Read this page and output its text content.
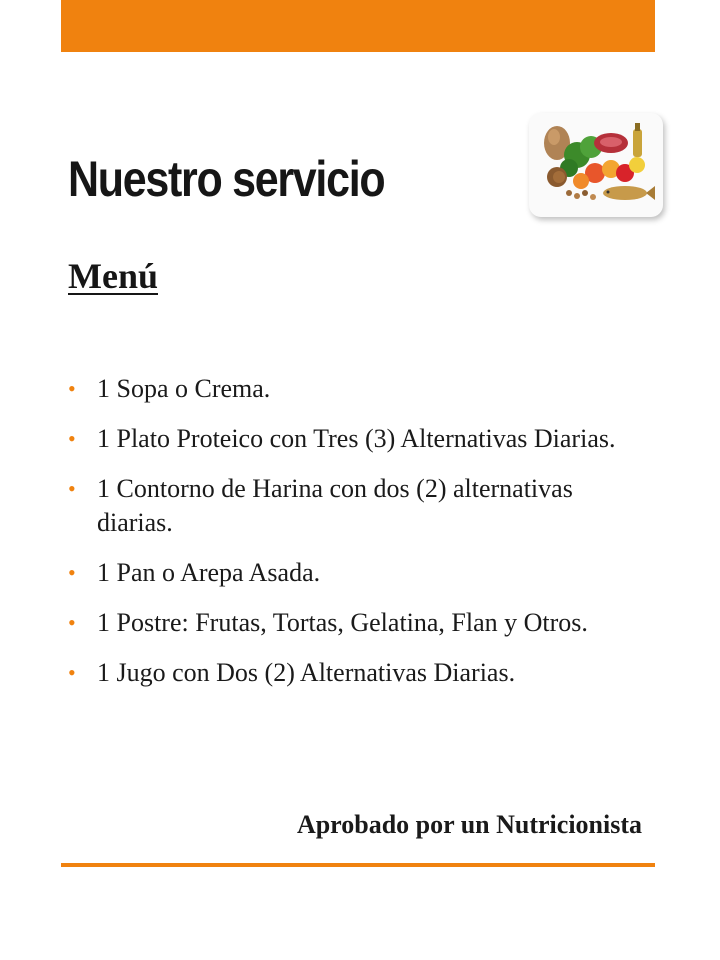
Nuestro servicio
Menú
• 1 Sopa o Crema.
• 1 Plato Proteico con Tres (3) Alternativas Diarias.
• 1 Contorno de Harina con dos (2) alternativas diarias.
• 1 Pan o Arepa Asada.
• 1 Postre: Frutas, Tortas, Gelatina, Flan y Otros.
• 1 Jugo con Dos (2) Alternativas Diarias.

Aprobado por un Nutricionista
